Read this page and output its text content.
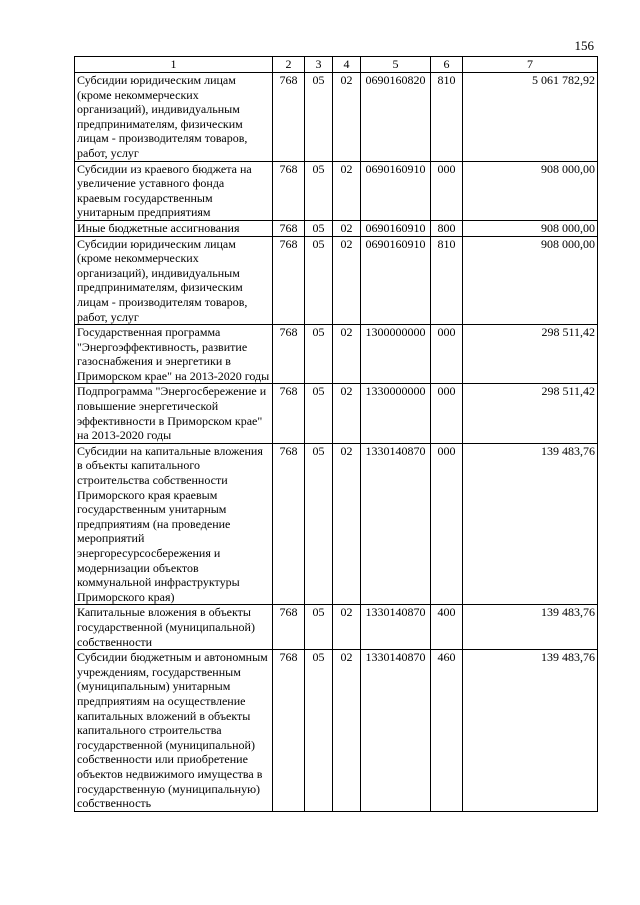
156
1	2	3	4	5	6	7
Субсидии юридическим лицам (кроме некоммерческих организаций), индивидуальным предпринимателям, физическим лицам - производителям товаров, работ, услуг	768	05	02	0690160820	810	5 061 782,92
Субсидии из краевого бюджета на увеличение уставного фонда краевым государственным унитарным предприятиям	768	05	02	0690160910	000	908 000,00
Иные бюджетные ассигнования	768	05	02	0690160910	800	908 000,00
Субсидии юридическим лицам (кроме некоммерческих организаций), индивидуальным предпринимателям, физическим лицам - производителям товаров, работ, услуг	768	05	02	0690160910	810	908 000,00
Государственная программа "Энергоэффективность, развитие газоснабжения и энергетики в Приморском крае" на 2013-2020 годы	768	05	02	1300000000	000	298 511,42
Подпрограмма "Энергосбережение и повышение энергетической эффективности в Приморском крае" на 2013-2020 годы	768	05	02	1330000000	000	298 511,42
Субсидии на капитальные вложения в объекты капитального строительства собственности Приморского края краевым государственным унитарным предприятиям (на проведение мероприятий энергоресурсосбережения и модернизации объектов коммунальной инфраструктуры Приморского края)	768	05	02	1330140870	000	139 483,76
Капитальные вложения в объекты государственной (муниципальной) собственности	768	05	02	1330140870	400	139 483,76
Субсидии бюджетным и автономным учреждениям, государственным (муниципальным) унитарным предприятиям на осуществление капитальных вложений в объекты капитального строительства государственной (муниципальной) собственности или приобретение объектов недвижимого имущества в государственную (муниципальную) собственность	768	05	02	1330140870	460	139 483,76
